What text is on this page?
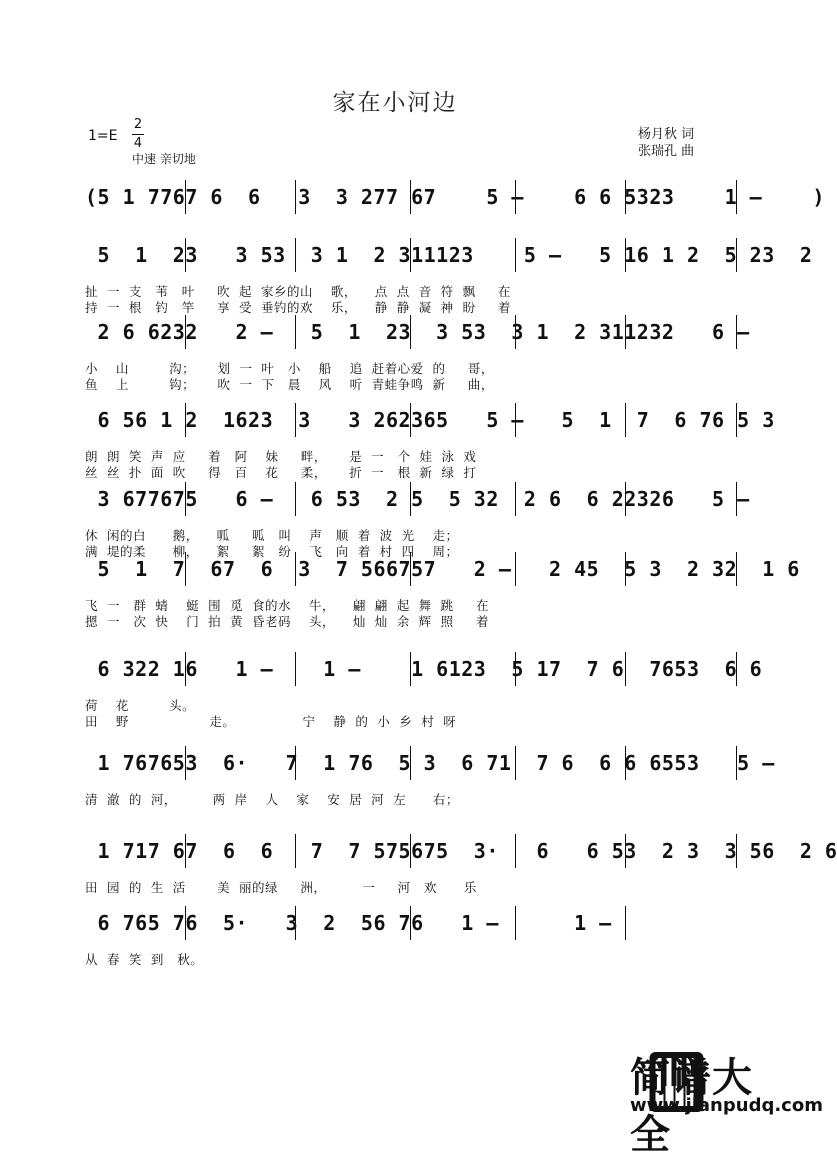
家在小河边
1=E
2
4
中速 亲切地
杨月秋 词
张瑞孔 曲
(5 1 7767 6  6   3  3 277 67    5 –    6 6 5323    1 –    )
5  1  23   3 53  3 1  2 311123    5 –   5 16 1 2  5 23  2
扯  一  支   苇   叶     吹  起  家乡的山    歌，    点  点  音  符  飘     在
持  一  根   钓   竿     享  受  垂钓的欢    乐，    静  静  凝  神  盼     着
2 6 6232   2 –   5  1  23  3 53  3 1  2 311232   6 –
小    山         沟；     划  一  叶   小    船    追  赶着心爱  的     哥，
鱼    上         钩；     吹  一  下   晨    风    听  青蛙争鸣  新     曲，
6 56 1 2  1623  3   3 262365   5 –   5  1  7  6 76 5 3
朗  朗  笑  声  应     着   阿    妹     畔，     是  一   个  娃  泳  戏
丝  丝  扑  面  吹     得   百    花     柔，     折  一   根  新  绿  打
3 677675   6 –   6 53  2 5  5 32  2 6  6 22326   5 –
休  闲的白      鹅，    呱     呱   叫    声   顺  着  波  光    走；
满  堤的柔      柳，    絮     絮   纷    飞   向  着  村  四    周；
5  1  7  67  6  3  7 566757   2 –   2 45  5 3  2 32  1 6
飞  一   群  蜻    蜓  围  觅  食的水    牛，    翩  翩  起  舞  跳     在
摁  一   次  快    门  拍  黄  昏老码    头，    灿  灿  余  辉  照     着
6 322 16   1 –    1 –    1 6123  5 17  7 6  7653  6 6
荷    花         头。
田    野                  走。               宁    静  的  小  乡  村  呀
1 767653  6·   7  1 76  5 3  6 71  7 6  6 6 6553   5 –
清  澈  的  河，        两  岸    人    家    安  居  河  左      右；
1 717 67  6  6   7  7 575675  3·   6   6 53  2 3  3 56  2 6
田  园  的  生  活       美  丽的绿     洲，        一     河   欢      乐
6 765 76  5·   3  2  56 76   1 –      1 –
从  春  笑  到   秋。
简谱大全
www.jianpudq.com
